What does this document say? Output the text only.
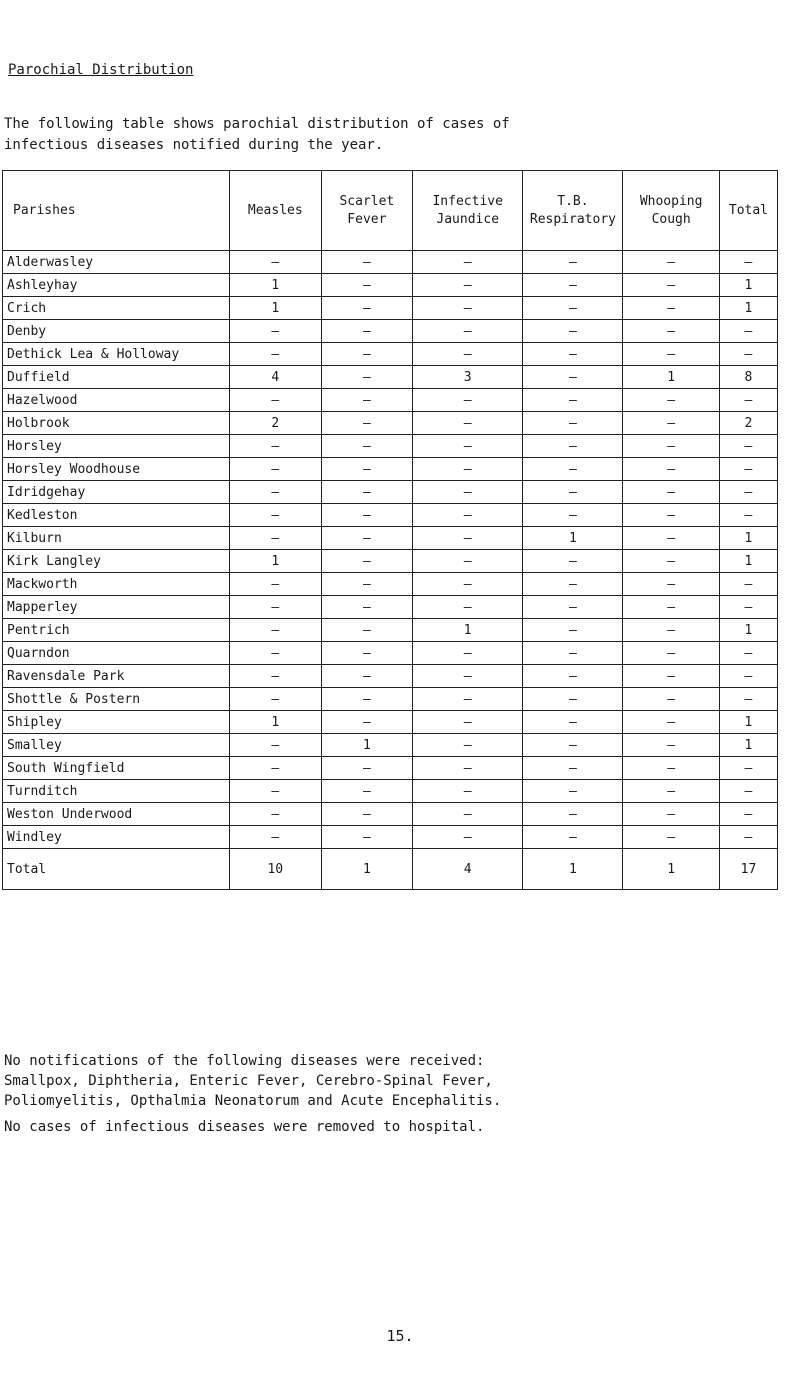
Parochial Distribution
The following table shows parochial distribution of cases of
infectious diseases notified during the year.
Parishes	Measles	Scarlet Fever	Infective Jaundice	T.B. Respiratory	Whooping Cough	Total
Alderwasley	—	—	—	—	—	—
Ashleyhay	1	—	—	—	—	1
Crich	1	—	—	—	—	1
Denby	—	—	—	—	—	—
Dethick Lea & Holloway	—	—	—	—	—	—
Duffield	4	—	3	—	1	8
Hazelwood	—	—	—	—	—	—
Holbrook	2	—	—	—	—	2
Horsley	—	—	—	—	—	—
Horsley Woodhouse	—	—	—	—	—	—
Idridgehay	—	—	—	—	—	—
Kedleston	—	—	—	—	—	—
Kilburn	—	—	—	1	—	1
Kirk Langley	1	—	—	—	—	1
Mackworth	—	—	—	—	—	—
Mapperley	—	—	—	—	—	—
Pentrich	—	—	1	—	—	1
Quarndon	—	—	—	—	—	—
Ravensdale Park	—	—	—	—	—	—
Shottle & Postern	—	—	—	—	—	—
Shipley	1	—	—	—	—	1
Smalley	—	1	—	—	—	1
South Wingfield	—	—	—	—	—	—
Turnditch	—	—	—	—	—	—
Weston Underwood	—	—	—	—	—	—
Windley	—	—	—	—	—	—
Total	10	1	4	1	1	17

No notifications of the following diseases were received:

Smallpox, Diphtheria, Enteric Fever, Cerebro-Spinal Fever,

Poliomyelitis, Opthalmia Neonatorum and Acute Encephalitis.

No cases of infectious diseases were removed to hospital.

15.
